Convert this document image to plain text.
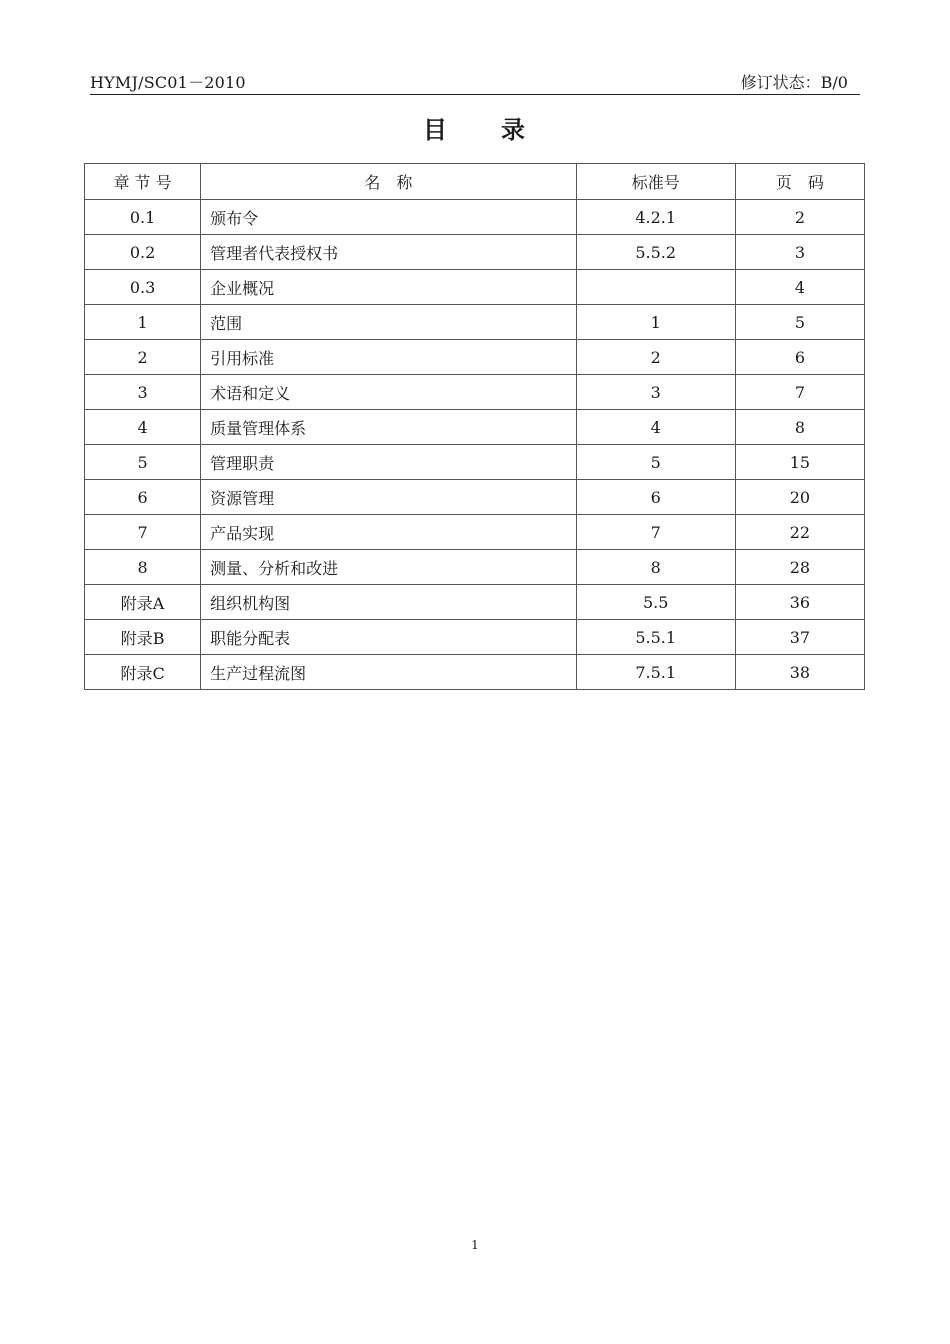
HYMJ/SC01－2010	修订状态：B/0
目　　录
章 节 号	名　称	标准号	页　码
0.1	颁布令	4.2.1	2
0.2	管理者代表授权书	5.5.2	3
0.3	企业概况		4
1	范围	1	5
2	引用标准	2	6
3	术语和定义	3	7
4	质量管理体系	4	8
5	管理职责	5	15
6	资源管理	6	20
7	产品实现	7	22
8	测量、分析和改进	8	28
附录A	组织机构图	5.5	36
附录B	职能分配表	5.5.1	37
附录C	生产过程流图	7.5.1	38
1
